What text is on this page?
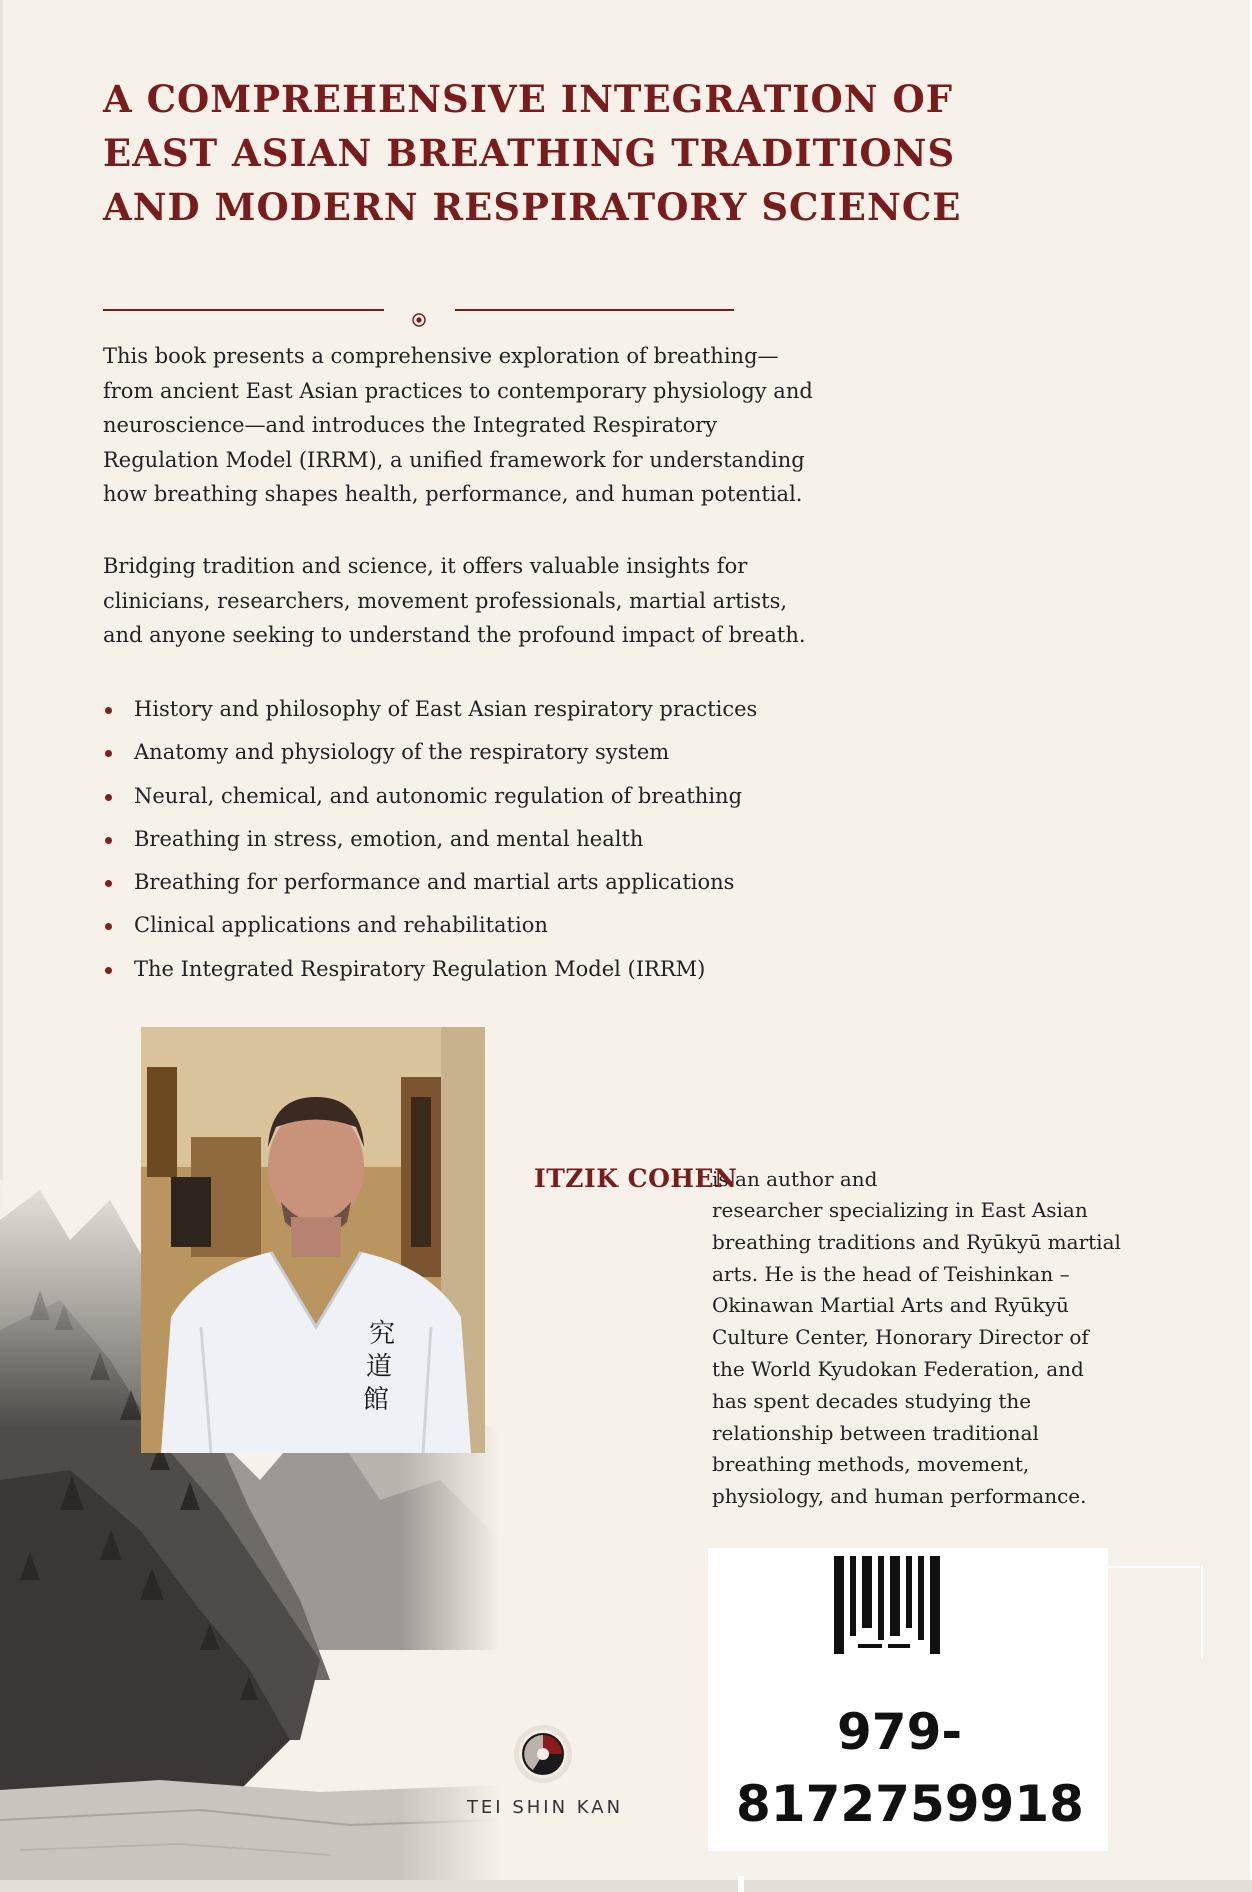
A COMPREHENSIVE INTEGRATION OF
EAST ASIAN BREATHING TRADITIONS
AND MODERN RESPIRATORY SCIENCE

This book presents a comprehensive exploration of breathing—from ancient East Asian practices to contemporary physiology and neuroscience—and introduces the Integrated Respiratory Regulation Model (IRRM), a unified framework for understanding how breathing shapes health, performance, and human potential.

Bridging tradition and science, it offers valuable insights for clinicians, researchers, movement professionals, martial artists, and anyone seeking to understand the profound impact of breath.

History and philosophy of East Asian respiratory practices
Anatomy and physiology of the respiratory system
Neural, chemical, and autonomic regulation of breathing
Breathing in stress, emotion, and mental health
Breathing for performance and martial arts applications
Clinical applications and rehabilitation
The Integrated Respiratory Regulation Model (IRRM)
究
道
館
ITZIK COHEN
is an author and

researcher specializing in East Asian breathing traditions and Ryūkyū martial arts. He is the head of Teishinkan – Okinawan Martial Arts and Ryūkyū Culture Center, Honorary Director of the World Kyudokan Federation, and has spent decades studying the relationship between traditional breathing methods, movement, physiology, and human performance.

979-
8172759918
TEI SHIN KAN
